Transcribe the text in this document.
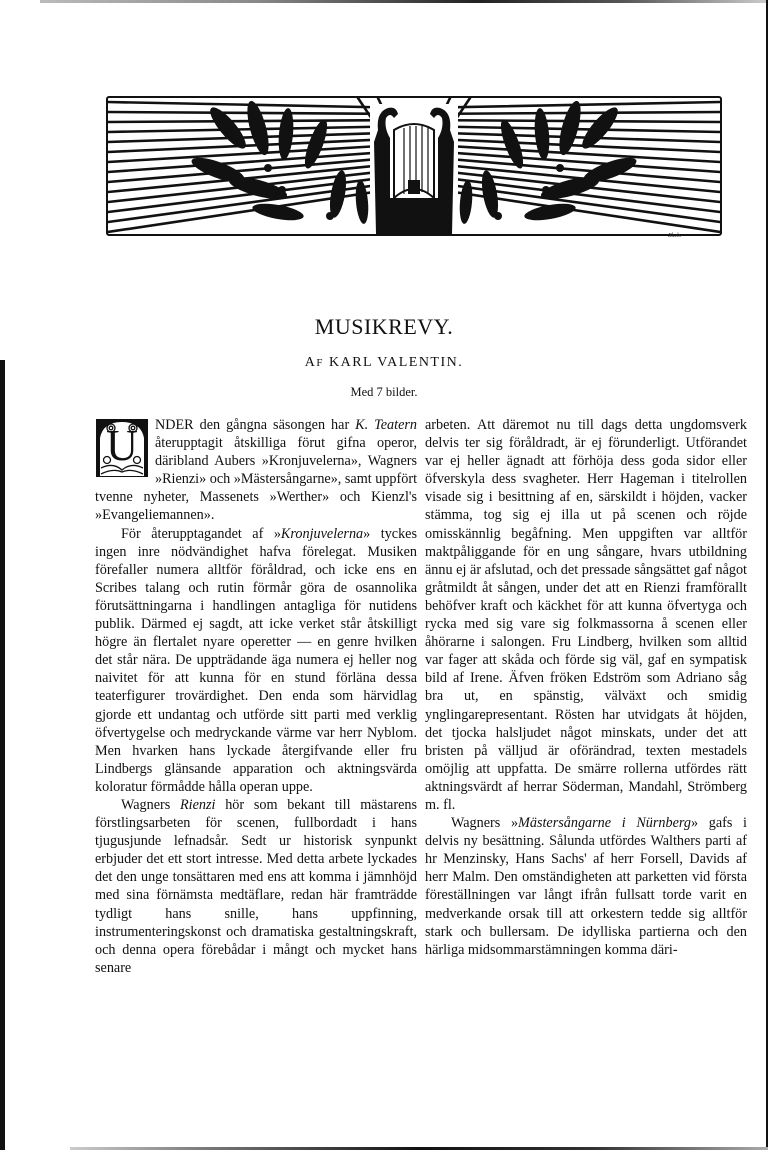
Ekeb.
MUSIKREVY.
AF KARL VALENTIN.
Med 7 bilder.
U	NDER den gångna säsongen har K. Teatern återupptagit åtskilliga förut gifna operor, däribland Aubers »Kronjuvelerna», Wagners »Rienzi» och »Mästersångarne», samt uppfört tvenne nyheter, Massenets »Werther» och Kienzl's »Evangeliemannen».

För återupptagandet af »Kronjuvelerna» tyckes ingen inre nödvändighet hafva förelegat. Musiken förefaller numera alltför föråldrad, och icke ens en Scribes talang och rutin förmår göra de osannolika förutsättningarna i handlingen antagliga för nutidens publik. Därmed ej sagdt, att icke verket står åtskilligt högre än flertalet nyare operetter — en genre hvilken det står nära. De uppträdande äga numera ej heller nog naivitet för att kunna för en stund förläna dessa teaterfigurer trovärdighet. Den enda som härvidlag gjorde ett undantag och utförde sitt parti med verklig öfvertygelse och medryckande värme var herr Nyblom. Men hvarken hans lyckade återgifvande eller fru Lindbergs glänsande apparation och aktningsvärda koloratur förmådde hålla operan uppe.

Wagners Rienzi hör som bekant till mästarens förstlingsarbeten för scenen, fullbordadt i hans tjugusjunde lefnadsår. Sedt ur historisk synpunkt erbjuder det ett stort intresse. Med detta arbete lyckades det den unge tonsättaren med ens att komma i jämnhöjd med sina förnämsta medtäflare, redan här framträdde tydligt hans snille, hans uppfinning, instrumenteringskonst och dramatiska gestaltningskraft, och denna opera förebådar i mångt och mycket hans senare

arbeten. Att däremot nu till dags detta ungdomsverk delvis ter sig föråldradt, är ej förunderligt. Utförandet var ej heller ägnadt att förhöja dess goda sidor eller öfverskyla dess svagheter. Herr Hageman i titelrollen visade sig i besittning af en, särskildt i höjden, vacker stämma, tog sig ej illa ut på scenen och röjde omisskännlig begåfning. Men uppgiften var alltför maktpåliggande för en ung sångare, hvars utbildning ännu ej är afslutad, och det pressade sångsättet gaf något gråtmildt åt sången, under det att en Rienzi framförallt behöfver kraft och käckhet för att kunna öfvertyga och rycka med sig vare sig folkmassorna å scenen eller åhörarne i salongen. Fru Lindberg, hvilken som alltid var fager att skåda och förde sig väl, gaf en sympatisk bild af Irene. Äfven fröken Edström som Adriano såg bra ut, en spänstig, välväxt och smidig ynglingarepresentant. Rösten har utvidgats åt höjden, det tjocka halsljudet något minskats, under det att bristen på välljud är oförändrad, texten mestadels omöjlig att uppfatta. De smärre rollerna utfördes rätt aktningsvärdt af herrar Söderman, Mandahl, Strömberg m. fl.

Wagners »Mästersångarne i Nürnberg» gafs i delvis ny besättning. Sålunda utfördes Walthers parti af hr Menzinsky, Hans Sachs' af herr Forsell, Davids af herr Malm. Den omständigheten att parketten vid första föreställningen var långt ifrån fullsatt torde varit en medverkande orsak till att orkestern tedde sig alltför stark och bullersam. De idylliska partierna och den härliga midsommarstämningen komma däri-
